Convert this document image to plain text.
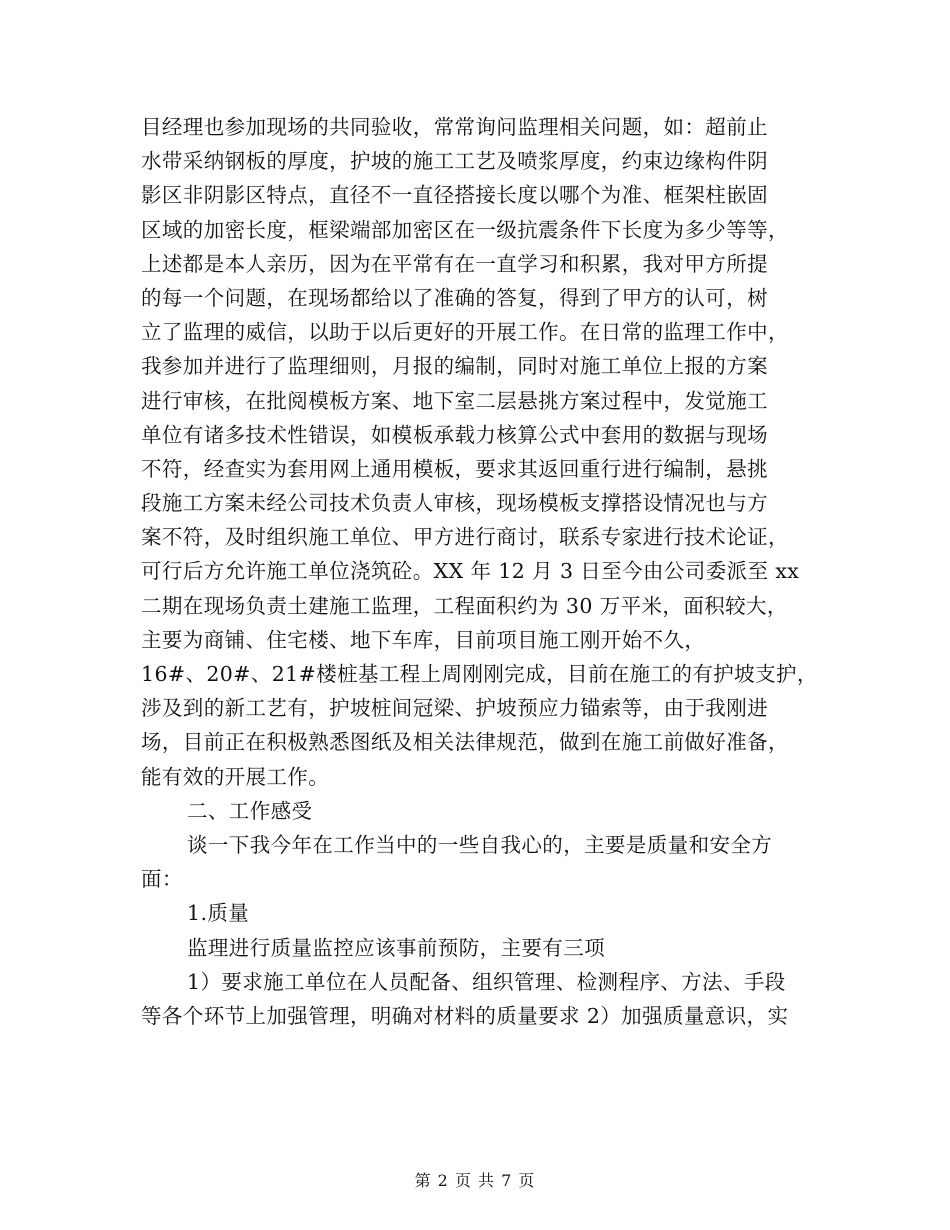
目经理也参加现场的共同验收，常常询问监理相关问题，如：超前止
水带采纳钢板的厚度，护坡的施工工艺及喷浆厚度，约束边缘构件阴
影区非阴影区特点，直径不一直径搭接长度以哪个为准、框架柱嵌固
区域的加密长度，框梁端部加密区在一级抗震条件下长度为多少等等，
上述都是本人亲历，因为在平常有在一直学习和积累，我对甲方所提
的每一个问题，在现场都给以了准确的答复，得到了甲方的认可，树
立了监理的威信，以助于以后更好的开展工作。在日常的监理工作中，
我参加并进行了监理细则，月报的编制，同时对施工单位上报的方案
进行审核，在批阅模板方案、地下室二层悬挑方案过程中，发觉施工
单位有诸多技术性错误，如模板承载力核算公式中套用的数据与现场
不符，经查实为套用网上通用模板，要求其返回重行进行编制，悬挑
段施工方案未经公司技术负责人审核，现场模板支撑搭设情况也与方
案不符，及时组织施工单位、甲方进行商讨，联系专家进行技术论证，
可行后方允许施工单位浇筑砼。XX 年 12 月 3 日至今由公司委派至 xx
二期在现场负责土建施工监理，工程面积约为 30 万平米，面积较大，
主要为商铺、住宅楼、地下车库，目前项目施工刚开始不久，
16#、20#、21#楼桩基工程上周刚刚完成，目前在施工的有护坡支护，
涉及到的新工艺有，护坡桩间冠梁、护坡预应力锚索等，由于我刚进
场，目前正在积极熟悉图纸及相关法律规范，做到在施工前做好准备，
能有效的开展工作。
二、工作感受
谈一下我今年在工作当中的一些自我心的，主要是质量和安全方
面：
1.质量
监理进行质量监控应该事前预防，主要有三项
1）要求施工单位在人员配备、组织管理、检测程序、方法、手段
等各个环节上加强管理，明确对材料的质量要求 2）加强质量意识，实
第 2 页 共 7 页
